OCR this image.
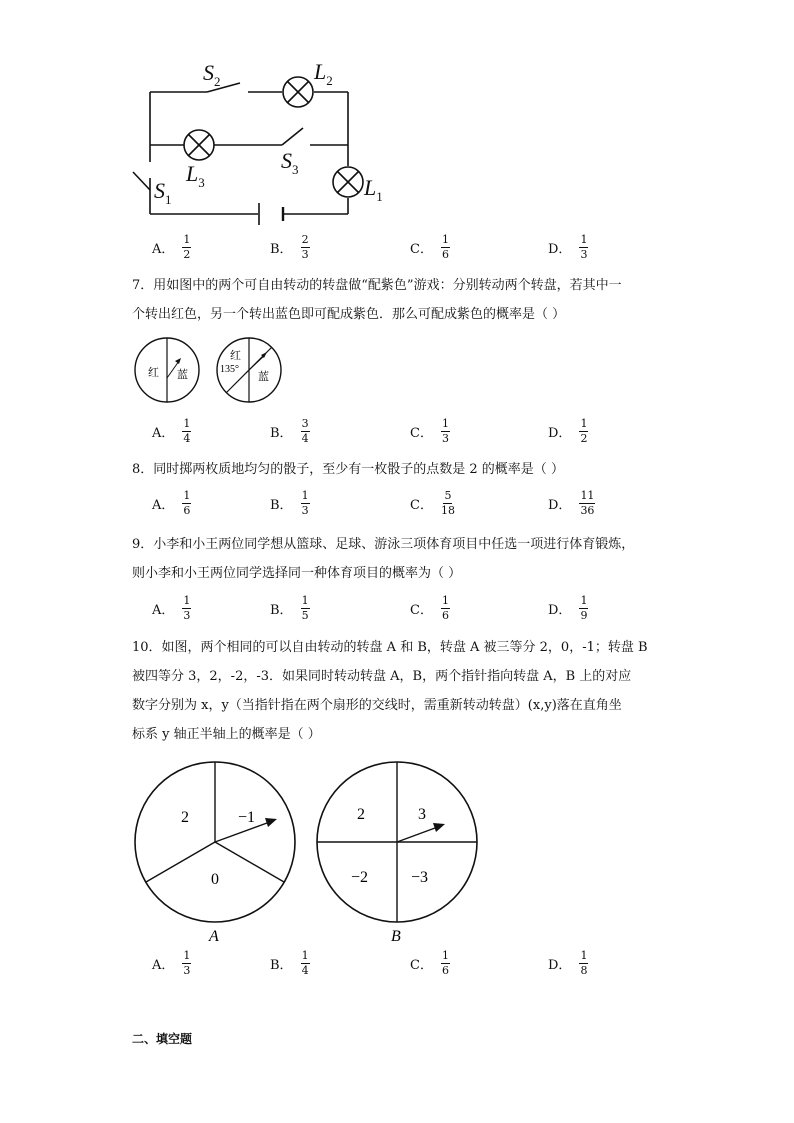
$S_2$	$L_2$
$L_3$
$S_3$
$S_1$	$L_1$
A． $\frac{1}{2}$	B． $\frac{2}{3}$	C． $\frac{1}{6}$	D． $\frac{1}{3}$
7．用如图中的两个可自由转动的转盘做“配紫色”游戏：分别转动两个转盘，若其中一
个转出红色，另一个转出蓝色即可配成紫色．那么可配成紫色的概率是（ ）
红 蓝
红
135°
蓝
A． $\frac{1}{4}$	B． $\frac{3}{4}$	C． $\frac{1}{3}$	D． $\frac{1}{2}$
8．同时掷两枚质地均匀的骰子，至少有一枚骰子的点数是 2 的概率是（ ）
A． $\frac{1}{6}$	B． $\frac{1}{3}$	C． $\frac{5}{18}$	D． $\frac{11}{36}$
9．小李和小王两位同学想从篮球、足球、游泳三项体育项目中任选一项进行体育锻炼，
则小李和小王两位同学选择同一种体育项目的概率为（ ）
A． $\frac{1}{3}$	B． $\frac{1}{5}$	C． $\frac{1}{6}$	D． $\frac{1}{9}$
10．如图，两个相同的可以自由转动的转盘 A 和 B，转盘 A 被三等分 2，0，-1；转盘 B
被四等分 3，2，-2，-3．如果同时转动转盘 A，B，两个指针指向转盘 A，B 上的对应
数字分别为 x，y（当指针指在两个扇形的交线时，需重新转动转盘）(x,y)落在直角坐
标系 y 轴正半轴上的概率是（ ）
2	−1
0
A
2	3
−2	−3
B
A． $\frac{1}{3}$	B． $\frac{1}{4}$	C． $\frac{1}{6}$	D． $\frac{1}{8}$
二、填空题
